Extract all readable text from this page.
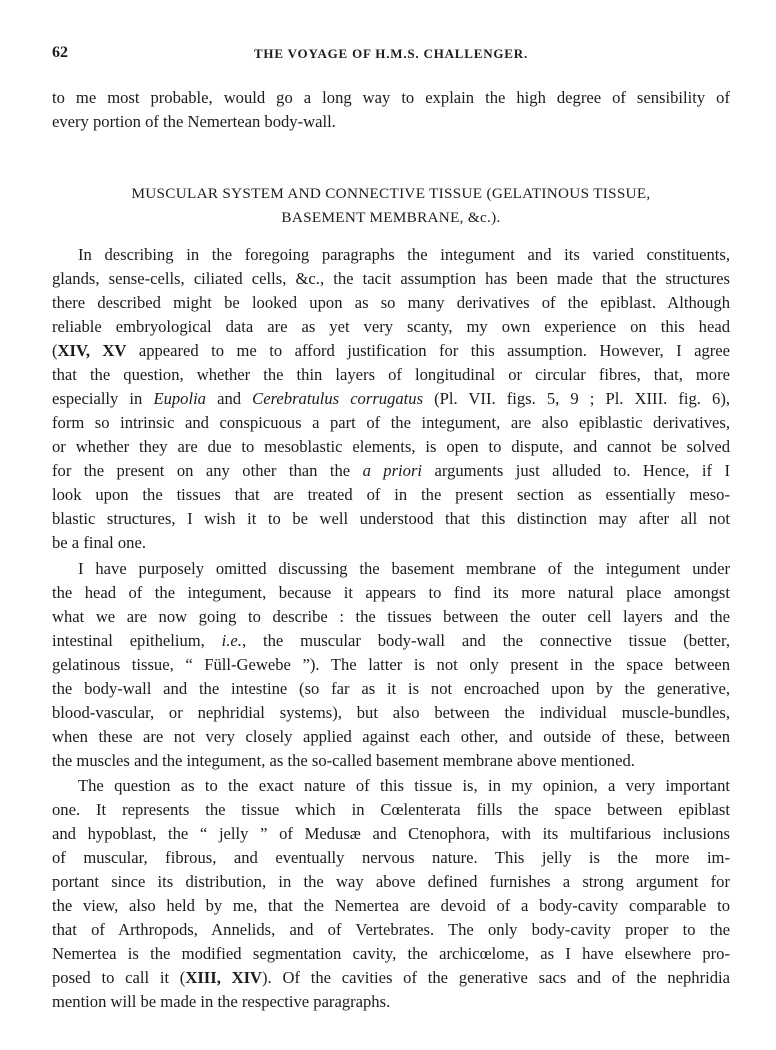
62	THE VOYAGE OF H.M.S. CHALLENGER.
to me most probable, would go a long way to explain the high degree of sensibility of
every portion of the Nemertean body-wall.
MUSCULAR SYSTEM AND CONNECTIVE TISSUE (GELATINOUS TISSUE,
BASEMENT MEMBRANE, &c.).
In describing in the foregoing paragraphs the integument and its varied constituents,
glands, sense-cells, ciliated cells, &c., the tacit assumption has been made that the structures
there described might be looked upon as so many derivatives of the epiblast. Although
reliable embryological data are as yet very scanty, my own experience on this head
(XIV, XV appeared to me to afford justification for this assumption. However, I agree
that the question, whether the thin layers of longitudinal or circular fibres, that, more
especially in Eupolia and Cerebratulus corrugatus (Pl. VII. figs. 5, 9 ; Pl. XIII. fig. 6),
form so intrinsic and conspicuous a part of the integument, are also epiblastic derivatives,
or whether they are due to mesoblastic elements, is open to dispute, and cannot be solved
for the present on any other than the a priori arguments just alluded to. Hence, if I
look upon the tissues that are treated of in the present section as essentially meso-
blastic structures, I wish it to be well understood that this distinction may after all not
be a final one.
I have purposely omitted discussing the basement membrane of the integument under
the head of the integument, because it appears to find its more natural place amongst
what we are now going to describe : the tissues between the outer cell layers and the
intestinal epithelium, i.e., the muscular body-wall and the connective tissue (better,
gelatinous tissue, “ Füll-Gewebe ”). The latter is not only present in the space between
the body-wall and the intestine (so far as it is not encroached upon by the generative,
blood-vascular, or nephridial systems), but also between the individual muscle-bundles,
when these are not very closely applied against each other, and outside of these, between
the muscles and the integument, as the so-called basement membrane above mentioned.
The question as to the exact nature of this tissue is, in my opinion, a very important
one. It represents the tissue which in Cœlenterata fills the space between epiblast
and hypoblast, the “ jelly ” of Medusæ and Ctenophora, with its multifarious inclusions
of muscular, fibrous, and eventually nervous nature. This jelly is the more im-
portant since its distribution, in the way above defined furnishes a strong argument for
the view, also held by me, that the Nemertea are devoid of a body-cavity comparable to
that of Arthropods, Annelids, and of Vertebrates. The only body-cavity proper to the
Nemertea is the modified segmentation cavity, the archicœlome, as I have elsewhere pro-
posed to call it (XIII, XIV). Of the cavities of the generative sacs and of the nephridia
mention will be made in the respective paragraphs.
